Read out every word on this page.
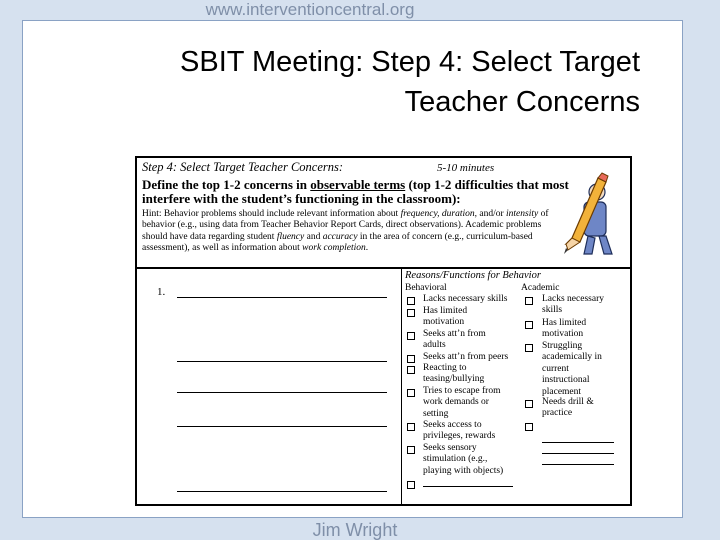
www.interventioncentral.org
SBIT Meeting: Step 4: Select Target
Teacher Concerns
Step 4: Select Target Teacher Concerns:	5-10 minutes
Define the top 1-2 concerns in observable terms (top 1-2 difficulties that most interfere with the student’s functioning in the classroom):
Hint: Behavior problems should include relevant information about frequency, duration, and/or intensity of behavior (e.g., using data from Teacher Behavior Report Cards, direct observations). Academic problems should have data regarding student fluency and accuracy in the area of concern (e.g., curriculum-based assessment), as well as information about work completion.
1.
Reasons/Functions for Behavior
Behavioral	Academic
Lacks necessary skills
Has limited
motivation
Seeks att’n from
adults
Seeks att’n from peers
Reacting to
teasing/bullying
Tries to escape from
work demands or
setting
Seeks access to
privileges, rewards
Seeks sensory
stimulation (e.g.,
playing with objects)
Lacks necessary
skills
Has limited
motivation
Struggling
academically in
current
instructional
placement
Needs drill &
practice
Jim Wright
